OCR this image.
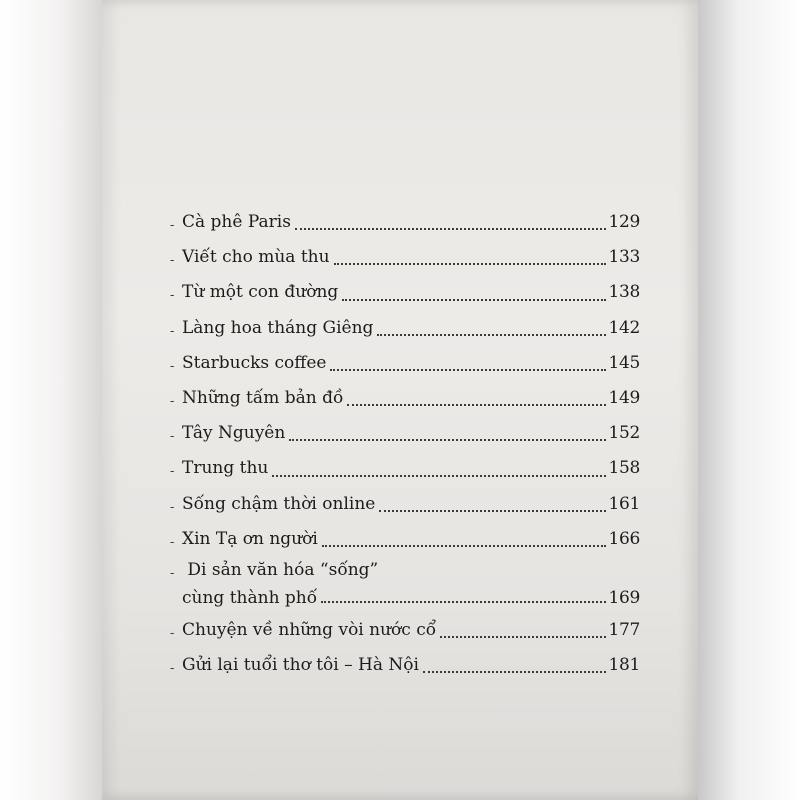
- Cà phê Paris	129
- Viết cho mùa thu	133
- Từ một con đường	138
- Làng hoa tháng Giêng	142
- Starbucks coffee	145
- Những tấm bản đồ	149
- Tây Nguyên	152
- Trung thu	158
- Sống chậm thời online	161
- Xin Tạ ơn người	166
- Di sản văn hóa “sống”
cùng thành phố	169
- Chuyện về những vòi nước cổ	177
- Gửi lại tuổi thơ tôi – Hà Nội	181
